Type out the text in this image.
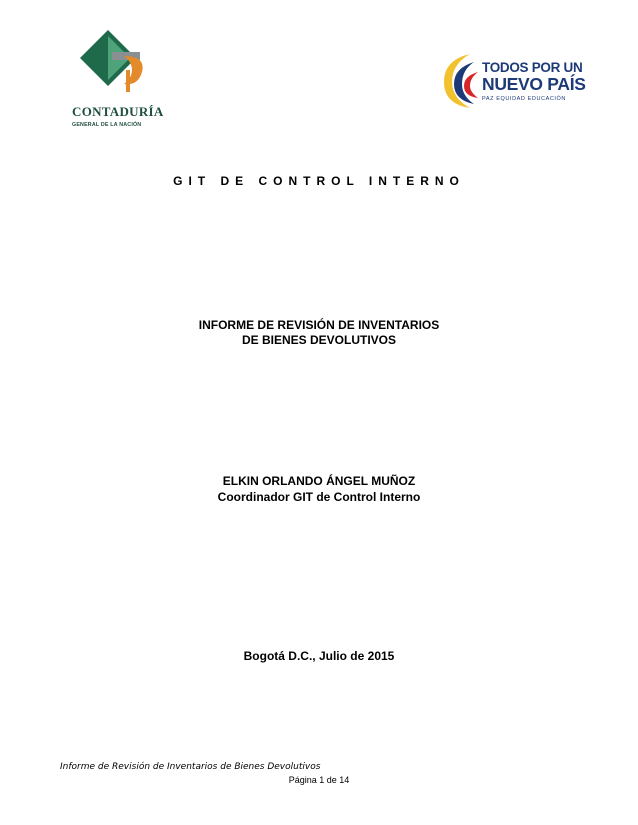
CONTADURÍA
GENERAL DE LA NACIÓN
TODOS POR UN
NUEVO PAÍS
PAZ EQUIDAD EDUCACIÓN
GIT DE CONTROL INTERNO
INFORME DE REVISIÓN DE INVENTARIOS
DE BIENES DEVOLUTIVOS
ELKIN ORLANDO ÁNGEL MUÑOZ
Coordinador GIT de Control Interno
Bogotá D.C., Julio de 2015
Informe de Revisión de Inventarios de Bienes Devolutivos
Página 1 de 14
